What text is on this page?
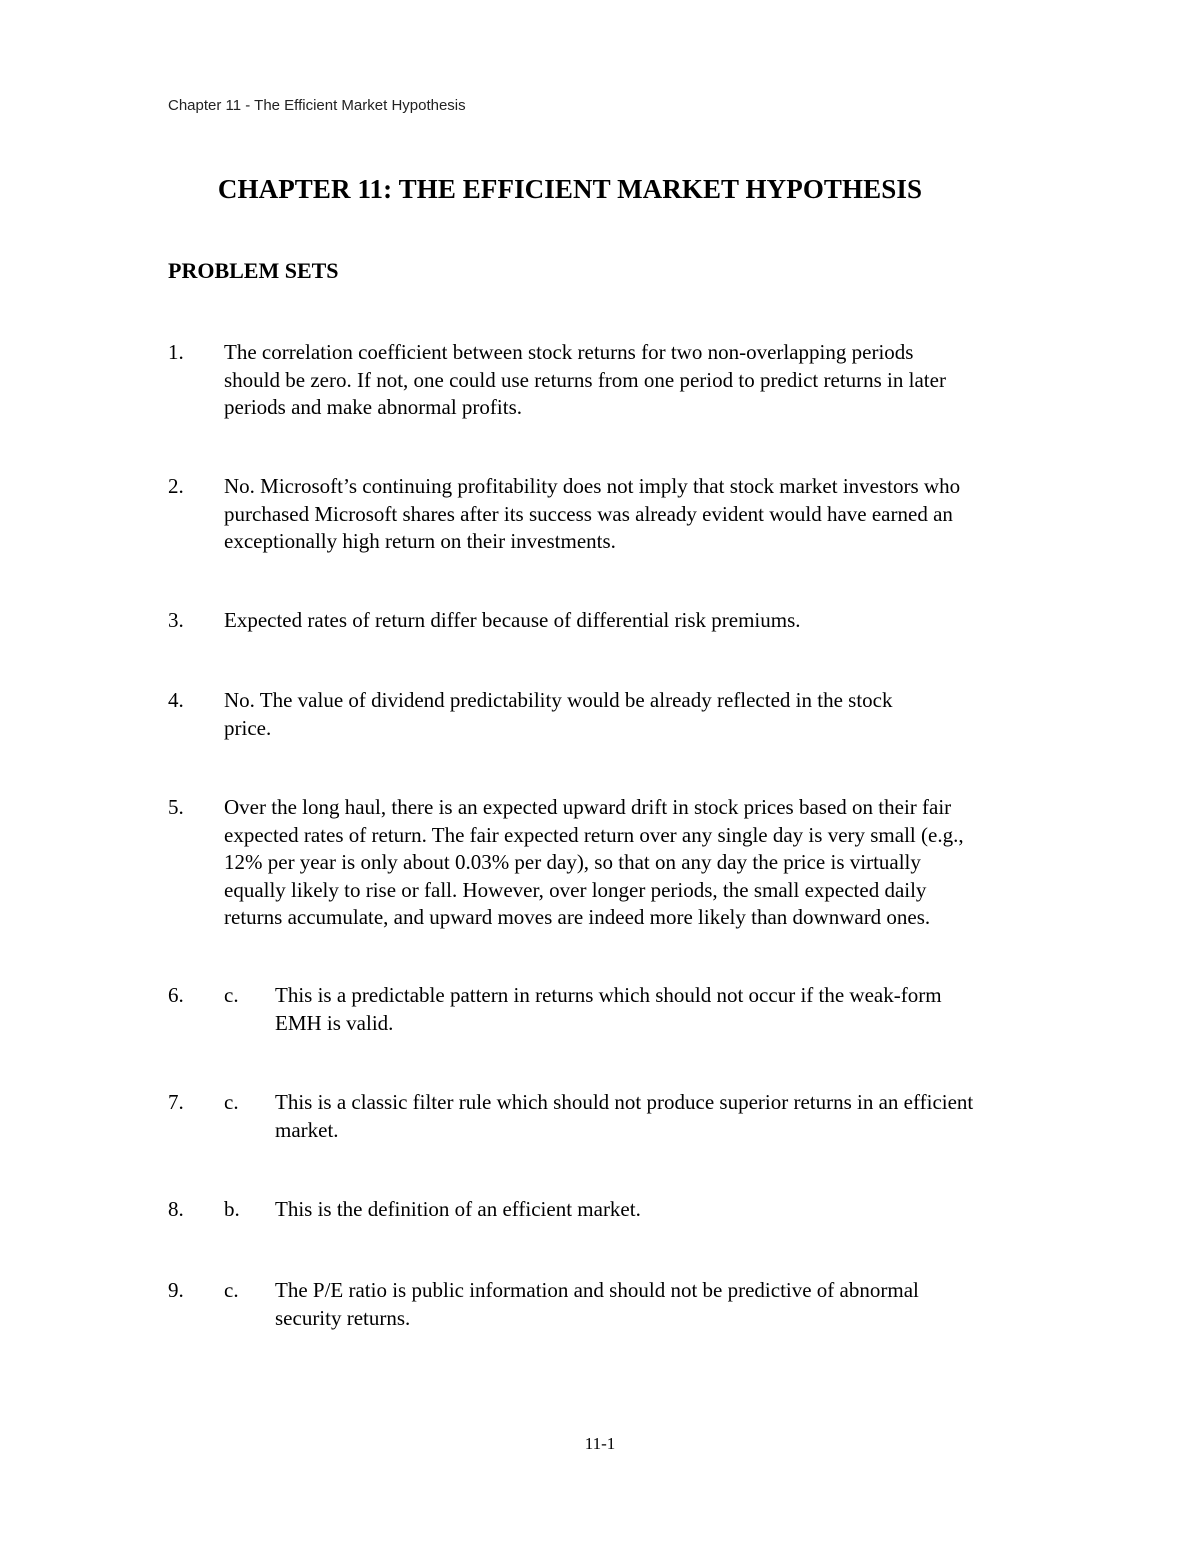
Chapter 11 - The Efficient Market Hypothesis
CHAPTER 11: THE EFFICIENT MARKET HYPOTHESIS
PROBLEM SETS
1. The correlation coefficient between stock returns for two non-overlapping periods
should be zero. If not, one could use returns from one period to predict returns in later
periods and make abnormal profits.
2. No. Microsoft’s continuing profitability does not imply that stock market investors who
purchased Microsoft shares after its success was already evident would have earned an
exceptionally high return on their investments.
3. Expected rates of return differ because of differential risk premiums.
4. No. The value of dividend predictability would be already reflected in the stock
price.
5. Over the long haul, there is an expected upward drift in stock prices based on their fair
expected rates of return. The fair expected return over any single day is very small (e.g.,
12% per year is only about 0.03% per day), so that on any day the price is virtually
equally likely to rise or fall. However, over longer periods, the small expected daily
returns accumulate, and upward moves are indeed more likely than downward ones.
6. c. This is a predictable pattern in returns which should not occur if the weak-form
EMH is valid.
7. c. This is a classic filter rule which should not produce superior returns in an efficient
market.
8. b. This is the definition of an efficient market.
9. c. The P/E ratio is public information and should not be predictive of abnormal
security returns.
11-1
